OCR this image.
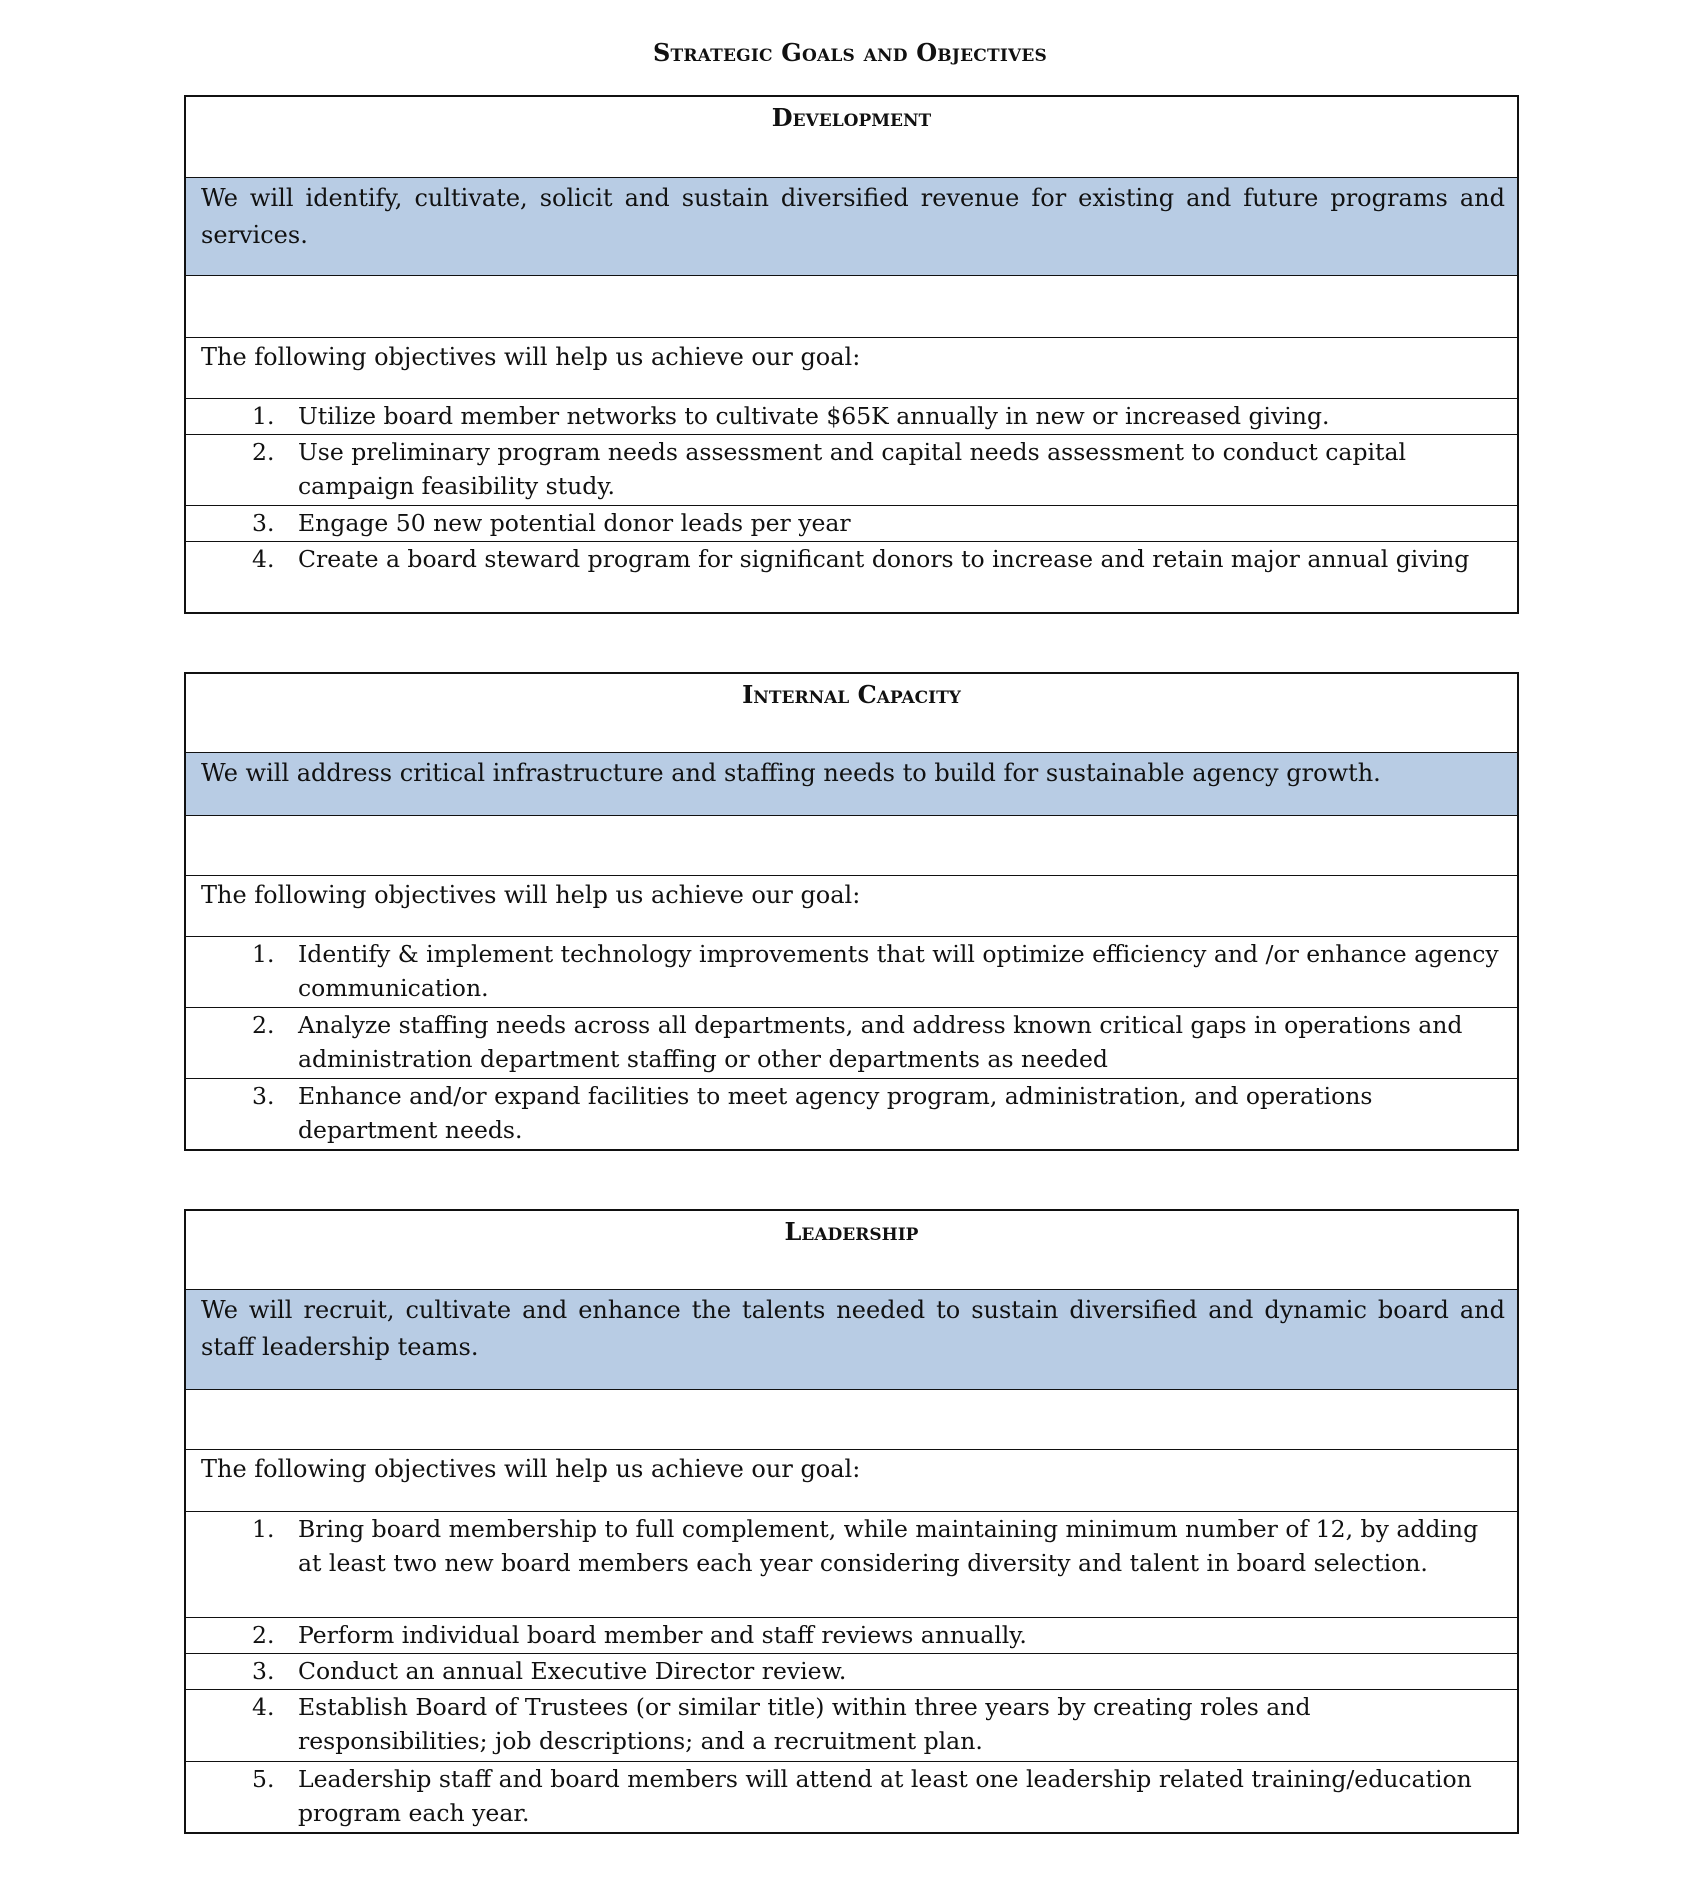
Strategic Goals and Objectives
Development
We will identify, cultivate, solicit and sustain diversified revenue for existing and future programs and services.
The following objectives will help us achieve our goal:
1.	Utilize board member networks to cultivate $65K annually in new or increased giving.
2.	Use preliminary program needs assessment and capital needs assessment to conduct capital campaign feasibility study.
3.	Engage 50 new potential donor leads per year
4.	Create a board steward program for significant donors to increase and retain major annual giving
Internal Capacity
We will address critical infrastructure and staffing needs to build for sustainable agency growth.
The following objectives will help us achieve our goal:
1.	Identify & implement technology improvements that will optimize efficiency and /or enhance agency communication.
2.	Analyze staffing needs across all departments, and address known critical gaps in operations and administration department staffing or other departments as needed
3.	Enhance and/or expand facilities to meet agency program, administration, and operations department needs.
Leadership
We will recruit, cultivate and enhance the talents needed to sustain diversified and dynamic board and staff leadership teams.
The following objectives will help us achieve our goal:
1.	Bring board membership to full complement, while maintaining minimum number of 12, by adding at least two new board members each year considering diversity and talent in board selection.
2.	Perform individual board member and staff reviews annually.
3.	Conduct an annual Executive Director review.
4.	Establish Board of Trustees (or similar title) within three years by creating roles and responsibilities; job descriptions; and a recruitment plan.
5.	Leadership staff and board members will attend at least one leadership related training/education program each year.
